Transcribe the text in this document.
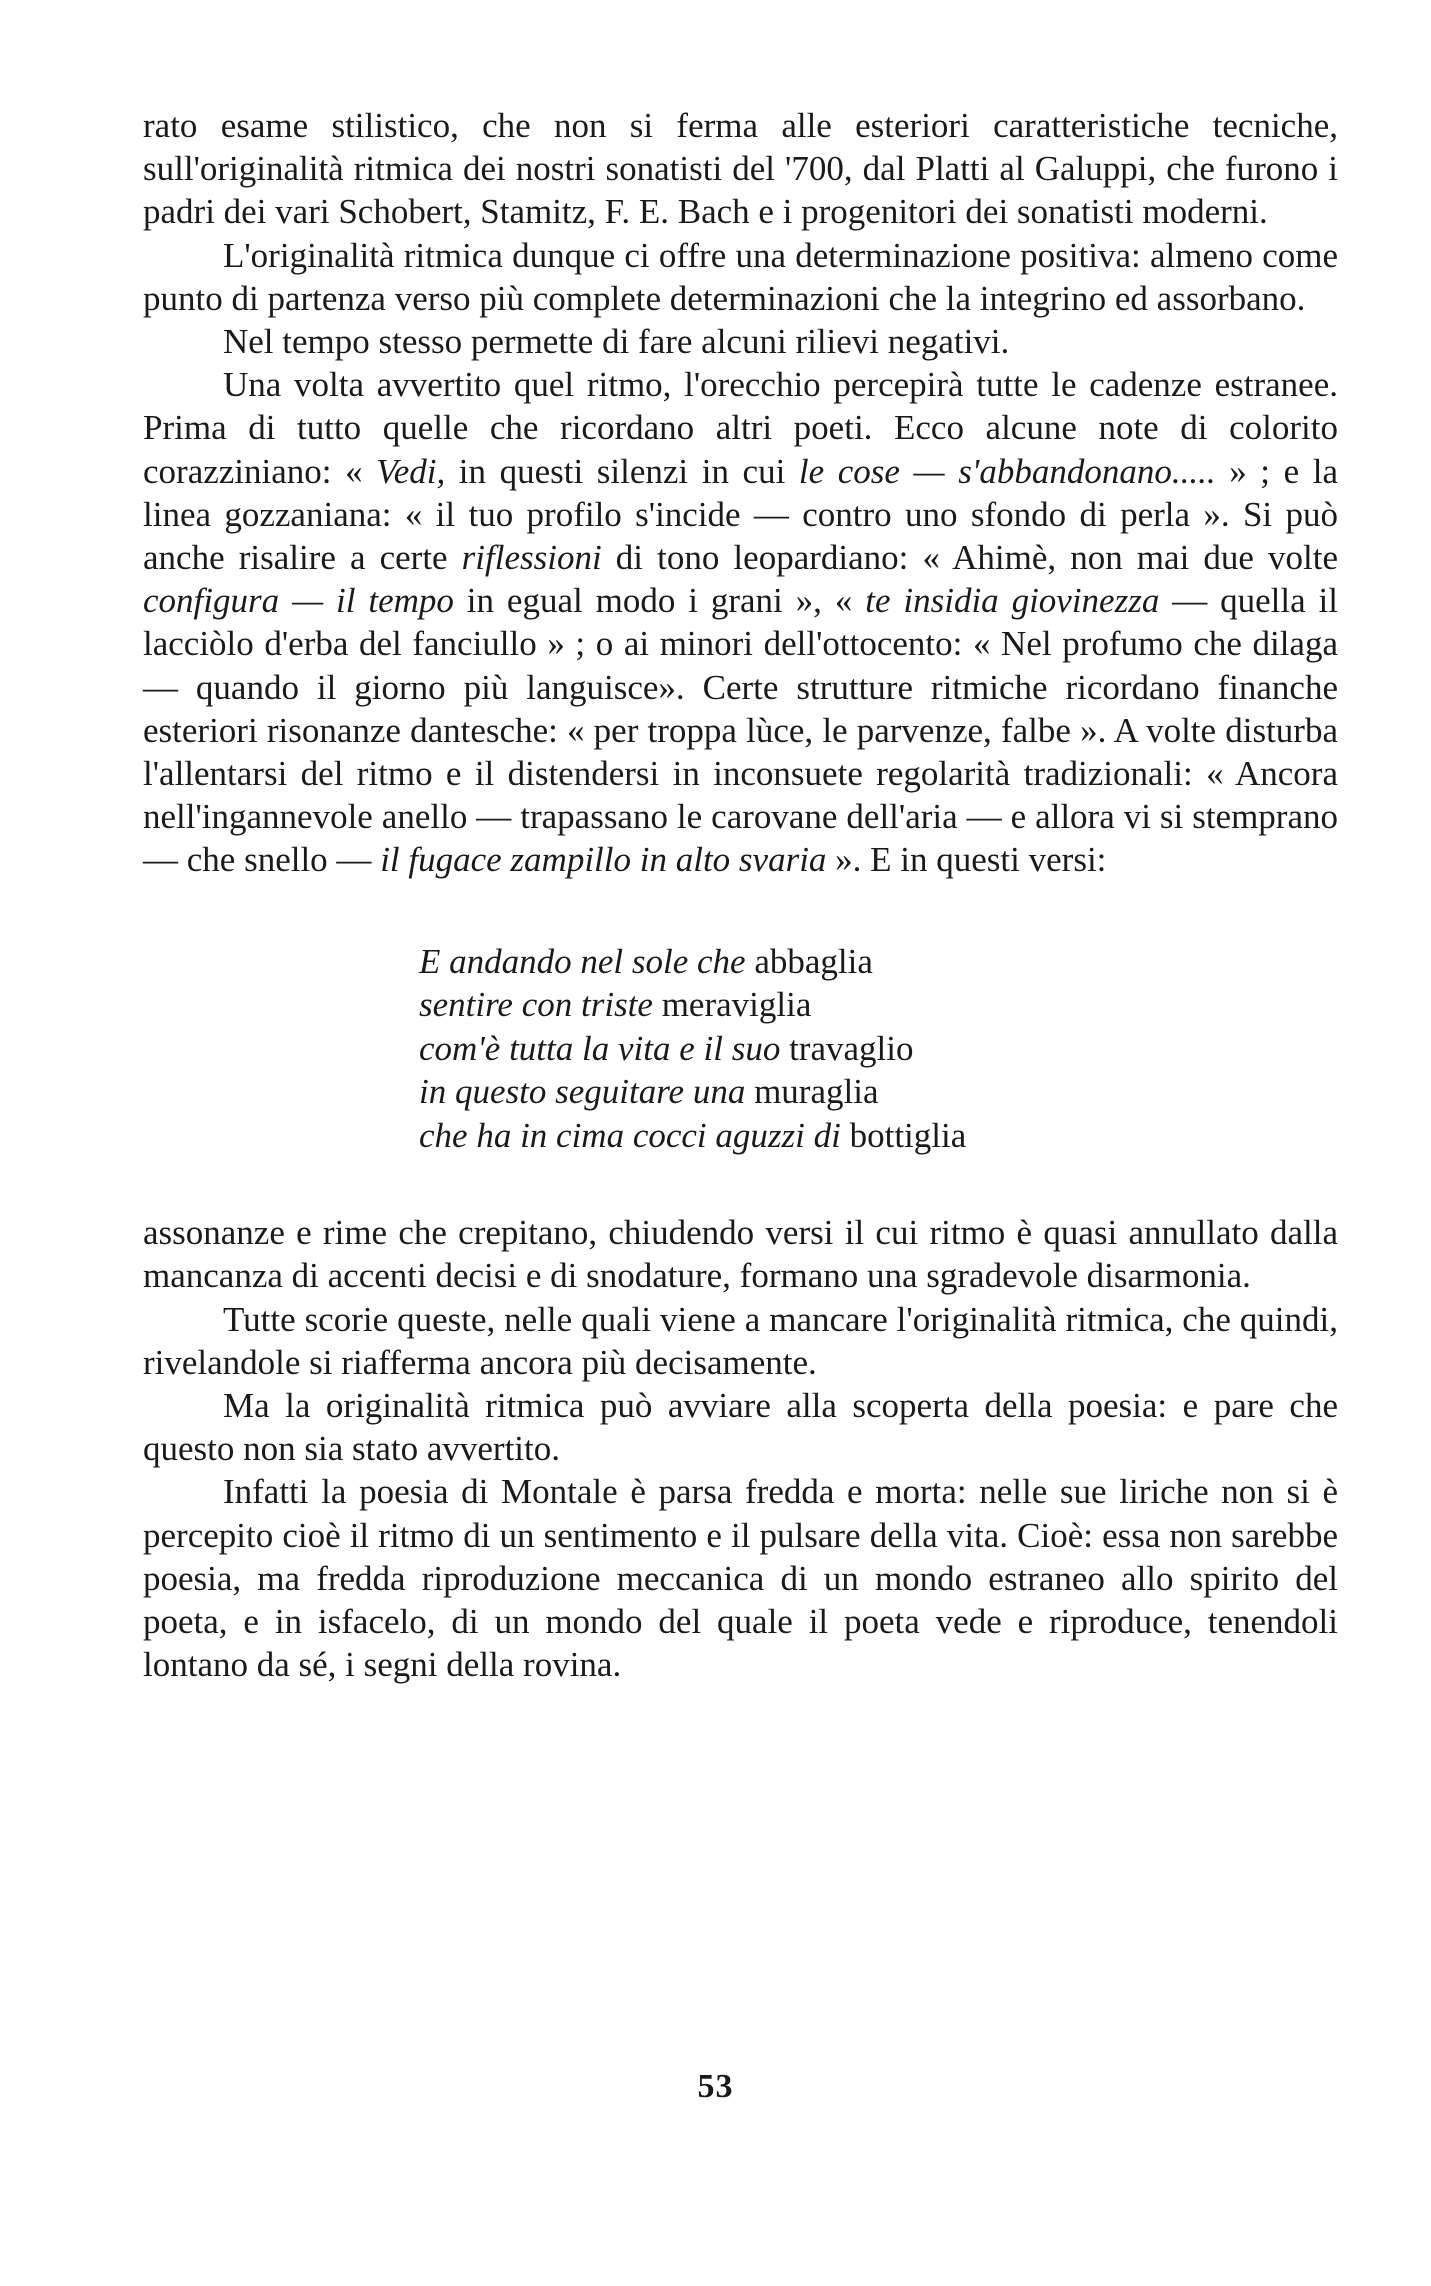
rato esame stilistico, che non si ferma alle esteriori caratteristiche tecniche, sull'originalità ritmica dei nostri sonatisti del '700, dal Platti al Galuppi, che furono i padri dei vari Schobert, Stamitz, F. E. Bach e i progenitori dei sonatisti moderni.

L'originalità ritmica dunque ci offre una determinazione positiva: almeno come punto di partenza verso più complete determinazioni che la integrino ed assorbano.

Nel tempo stesso permette di fare alcuni rilievi negativi.

Una volta avvertito quel ritmo, l'orecchio percepirà tutte le cadenze estranee. Prima di tutto quelle che ricordano altri poeti. Ecco alcune note di colorito corazziniano: « Vedi, in questi silenzi in cui le cose — s'abbandonano..... » ; e la linea gozzaniana: « il tuo profilo s'incide — contro uno sfondo di perla ». Si può anche risalire a certe riflessioni di tono leopardiano: « Ahimè, non mai due volte configura — il tempo in egual modo i grani », « te insidia giovinezza — quella il lacciòlo d'erba del fanciullo » ; o ai minori dell'ottocento: « Nel profumo che dilaga — quando il giorno più languisce». Certe strutture ritmiche ricordano finanche esteriori risonanze dantesche: « per troppa lùce, le parvenze, falbe ». A volte disturba l'allentarsi del ritmo e il distendersi in inconsuete regolarità tradizionali: « Ancora nell'ingannevole anello — trapassano le carovane dell'aria — e allora vi si stemprano — che snello — il fugace zampillo in alto svaria ». E in questi versi:

E andando nel sole che abbaglia
sentire con triste meraviglia
com'è tutta la vita e il suo travaglio
in questo seguitare una muraglia
che ha in cima cocci aguzzi di bottiglia

assonanze e rime che crepitano, chiudendo versi il cui ritmo è quasi annullato dalla mancanza di accenti decisi e di snodature, formano una sgradevole disarmonia.

Tutte scorie queste, nelle quali viene a mancare l'originalità ritmica, che quindi, rivelandole si riafferma ancora più decisamente.

Ma la originalità ritmica può avviare alla scoperta della poesia: e pare che questo non sia stato avvertito.

Infatti la poesia di Montale è parsa fredda e morta: nelle sue liriche non si è percepito cioè il ritmo di un sentimento e il pulsare della vita. Cioè: essa non sarebbe poesia, ma fredda riproduzione meccanica di un mondo estraneo allo spirito del poeta, e in isfacelo, di un mondo del quale il poeta vede e riproduce, tenendoli lontano da sé, i segni della rovina.

53
